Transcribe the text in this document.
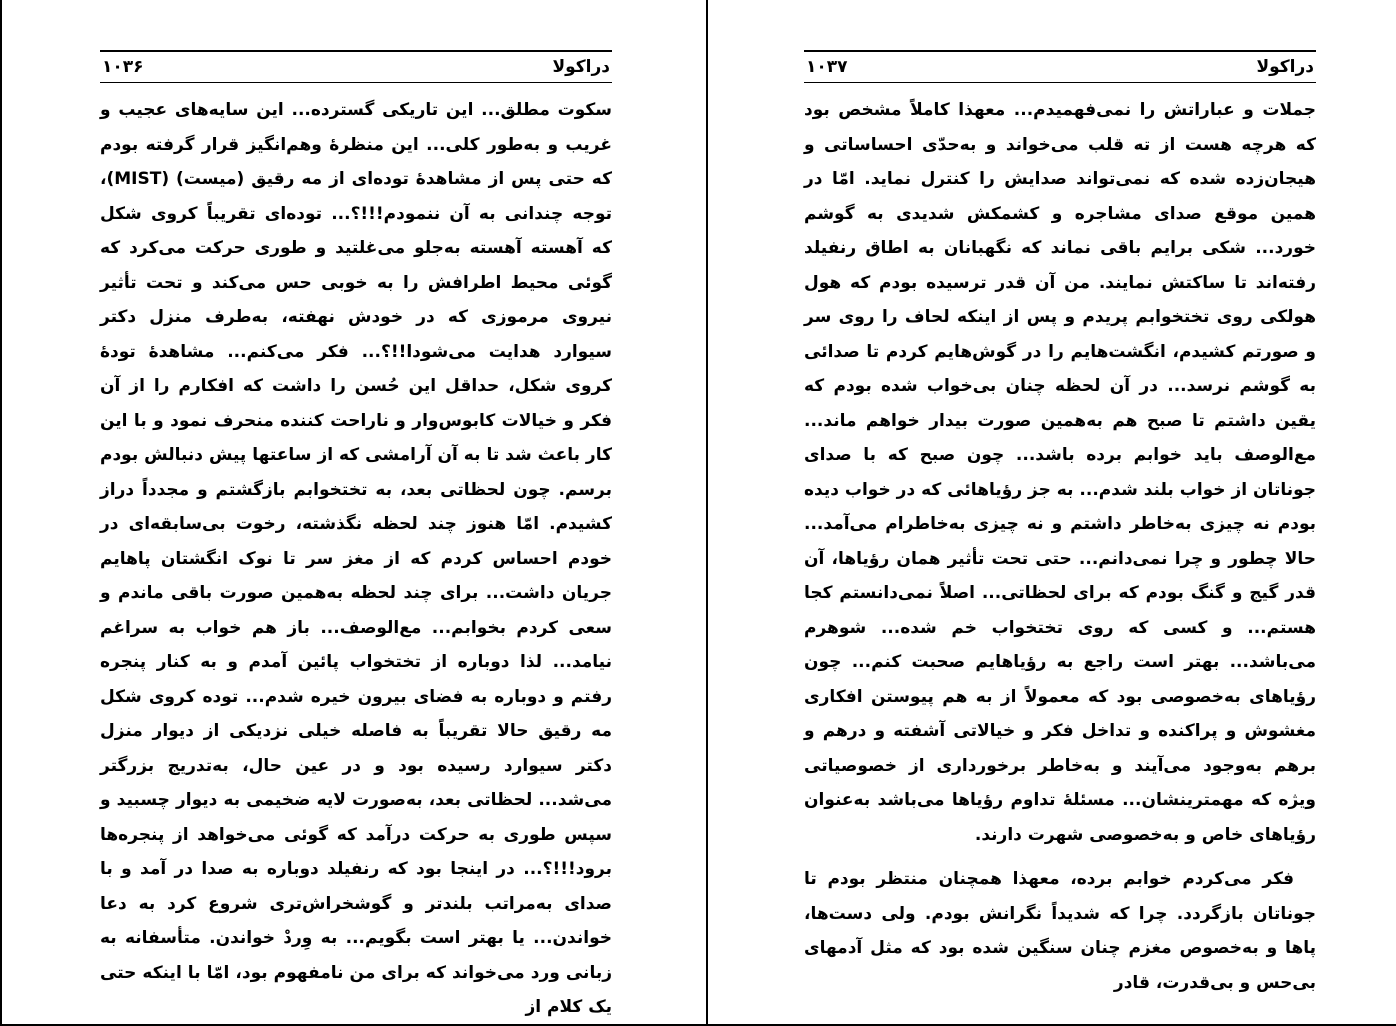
۱۰۳۶	دراکولا

سکوت مطلق... این تاریکی گسترده... این سایه‌های عجیب و غریب و به‌طور کلی... این منظرهٔ وهم‌انگیز قرار گرفته بودم که حتی پس از مشاهدهٔ توده‌ای از مه رقیق (میست) (MIST)، توجه چندانی به آن ننمودم!!!؟... توده‌ای تقریباً کروی شکل که آهسته آهسته به‌جلو می‌غلتید و طوری حرکت می‌کرد که گوئی محیط اطرافش را به خوبی حس می‌کند و تحت تأثیر نیروی مرموزی که در خودش نهفته، به‌طرف منزل دکتر سیوارد هدایت می‌شودا!!؟... فکر می‌کنم... مشاهدهٔ تودهٔ کروی شکل، حداقل این حُسن را داشت که افکارم را از آن فکر و خیالات کابوس‌وار و ناراحت کننده منحرف نمود و با این کار باعث شد تا به آن آرامشی که از ساعتها پیش دنبالش بودم برسم. چون لحظاتی بعد، به تختخوابم بازگشتم و مجدداً دراز کشیدم. امّا هنوز چند لحظه نگذشته، رخوت بی‌سابقه‌ای در خودم احساس کردم که از مغز سر تا نوک انگشتان پاهایم جریان داشت... برای چند لحظه به‌همین صورت باقی ماندم و سعی کردم بخوابم... مع‌الوصف... باز هم خواب به سراغم نیامد... لذا دوباره از تختخواب پائین آمدم و به کنار پنجره رفتم و دوباره به فضای بیرون خیره شدم... توده کروی شکل مه رقیق حالا تقریباً به فاصله خیلی نزدیکی از دیوار منزل دکتر سیوارد رسیده بود و در عین حال، به‌تدریج بزرگتر می‌شد... لحظاتی بعد، به‌صورت لایه ضخیمی به دیوار چسبید و سپس طوری به حرکت درآمد که گوئی می‌خواهد از پنجره‌ها برود!!!؟... در اینجا بود که رنفیلد دوباره به صدا در آمد و با صدای به‌مراتب بلندتر و گوشخراش‌تری شروع کرد به دعا خواندن... یا بهتر است بگویم... به وِردْ خواندن. متأسفانه به زبانی ورد می‌خواند که برای من نامفهوم بود، امّا با اینکه حتی یک کلام از

۱۰۳۷	دراکولا

جملات و عباراتش را نمی‌فهمیدم... معهذا کاملاً مشخص بود که هرچه هست از ته قلب می‌خواند و به‌حدّی احساساتی و هیجان‌زده شده که نمی‌تواند صدایش را کنترل نماید. امّا در همین موقع صدای مشاجره و کشمکش شدیدی به گوشم خورد... شکی برایم باقی نماند که نگهبانان به اطاق رنفیلد رفته‌اند تا ساکتش نمایند. من آن قدر ترسیده بودم که هول هولکی روی تختخوابم پریدم و پس از اینکه لحاف را روی سر و صورتم کشیدم، انگشت‌هایم را در گوش‌هایم کردم تا صدائی به گوشم نرسد... در آن لحظه چنان بی‌خواب شده بودم که یقین داشتم تا صبح هم به‌همین صورت بیدار خواهم ماند... مع‌الوصف باید خوابم برده باشد... چون صبح که با صدای جوناتان از خواب بلند شدم... به جز رؤیاهائی که در خواب دیده بودم نه چیزی به‌خاطر داشتم و نه چیزی به‌خاطرام می‌آمد... حالا چطور و چرا نمی‌دانم... حتی تحت تأثیر همان رؤیاها، آن قدر گیج و گنگ بودم که برای لحظاتی... اصلاً نمی‌دانستم کجا هستم... و کسی که روی تختخواب خم شده... شوهرم می‌باشد... بهتر است راجع به رؤیاهایم صحبت کنم... چون رؤیاهای به‌خصوصی بود که معمولاً از به هم پیوستن افکاری مغشوش و پراکنده و تداخل فکر و خیالاتی آشفته و درهم و برهم به‌وجود می‌آیند و به‌خاطر برخورداری از خصوصیاتی ویژه که مهمترینشان... مسئلهٔ تداوم رؤیاها می‌باشد به‌عنوان رؤیاهای خاص و به‌خصوصی شهرت دارند.

فکر می‌کردم خوابم برده، معهذا همچنان منتظر بودم تا جوناتان بازگردد. چرا که شدیداً نگرانش بودم. ولی دست‌ها، پاها و به‌خصوص مغزم چنان سنگین شده بود که مثل آدمهای بی‌حس و بی‌قدرت، قادر
